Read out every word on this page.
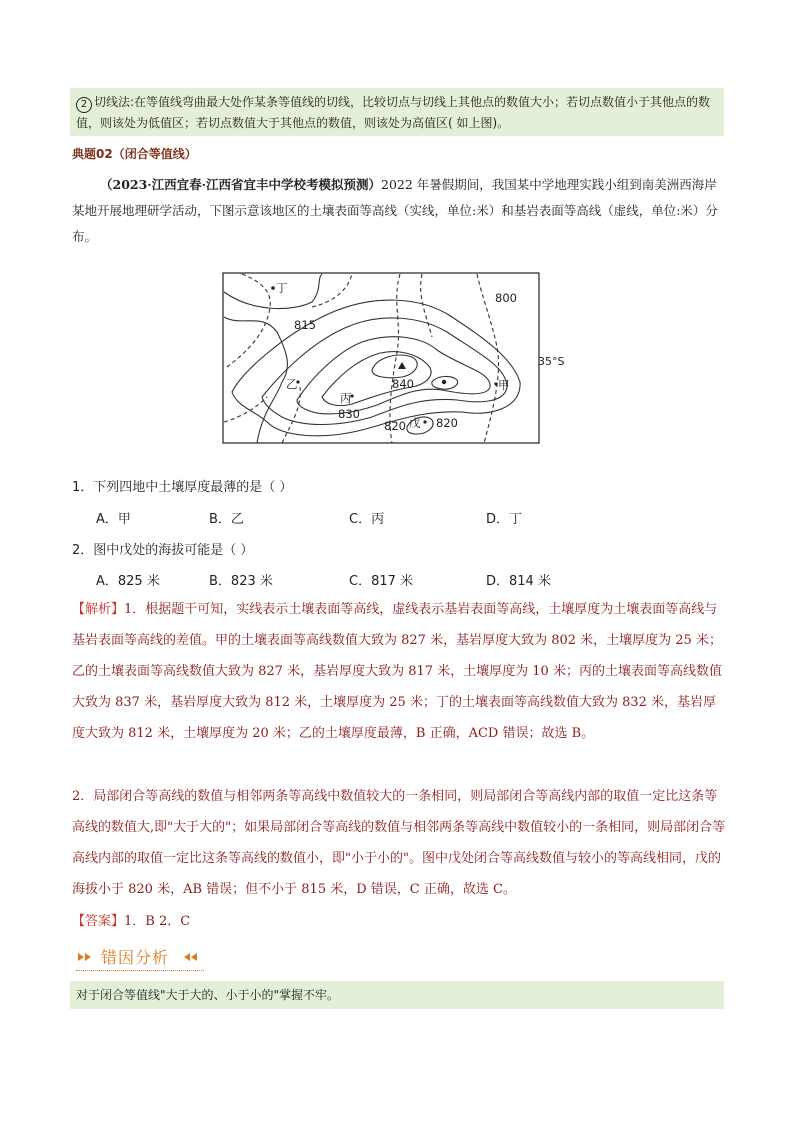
2 切线法:在等值线弯曲最大处作某条等值线的切线，比较切点与切线上其他点的数值大小；若切点数值小于其他点的数值，则该处为低值区；若切点数值大于其他点的数值，则该处为高值区( 如上图)。
典题02（闭合等值线）
（2023·江西宜春·江西省宜丰中学校考模拟预测）2022 年暑假期间，我国某中学地理实践小组到南美洲西海岸某地开展地理研学活动，下图示意该地区的土壤表面等高线（实线，单位:米）和基岩表面等高线（虚线，单位:米）分布。
丁
乙
丙
戊
甲
815
800
840
830
820	820
35°S
1．下列四地中土壤厚度最薄的是（ ）
A．甲	B．乙	C．丙	D．丁
2．图中戊处的海拔可能是（ ）
A．825 米	B．823 米	C．817 米	D．814 米
【解析】1．根据题干可知，实线表示土壤表面等高线，虚线表示基岩表面等高线，土壤厚度为土壤表面等高线与基岩表面等高线的差值。甲的土壤表面等高线数值大致为 827 米，基岩厚度大致为 802 米，土壤厚度为 25 米；乙的土壤表面等高线数值大致为 827 米，基岩厚度大致为 817 米，土壤厚度为 10 米；丙的土壤表面等高线数值大致为 837 米，基岩厚度大致为 812 米，土壤厚度为 25 米；丁的土壤表面等高线数值大致为 832 米，基岩厚度大致为 812 米，土壤厚度为 20 米；乙的土壤厚度最薄，B 正确，ACD 错误；故选 B。
2．局部闭合等高线的数值与相邻两条等高线中数值较大的一条相同，则局部闭合等高线内部的取值一定比这条等高线的数值大,即"大于大的"；如果局部闭合等高线的数值与相邻两条等高线中数值较小的一条相同，则局部闭合等高线内部的取值一定比这条等高线的数值小，即"小于小的"。图中戊处闭合等高线数值与较小的等高线相同，戊的海拔小于 820 米，AB 错误；但不小于 815 米，D 错误，C 正确，故选 C。
【答案】1．B 2．C
错因分析
对于闭合等值线"大于大的、小于小的"掌握不牢。
